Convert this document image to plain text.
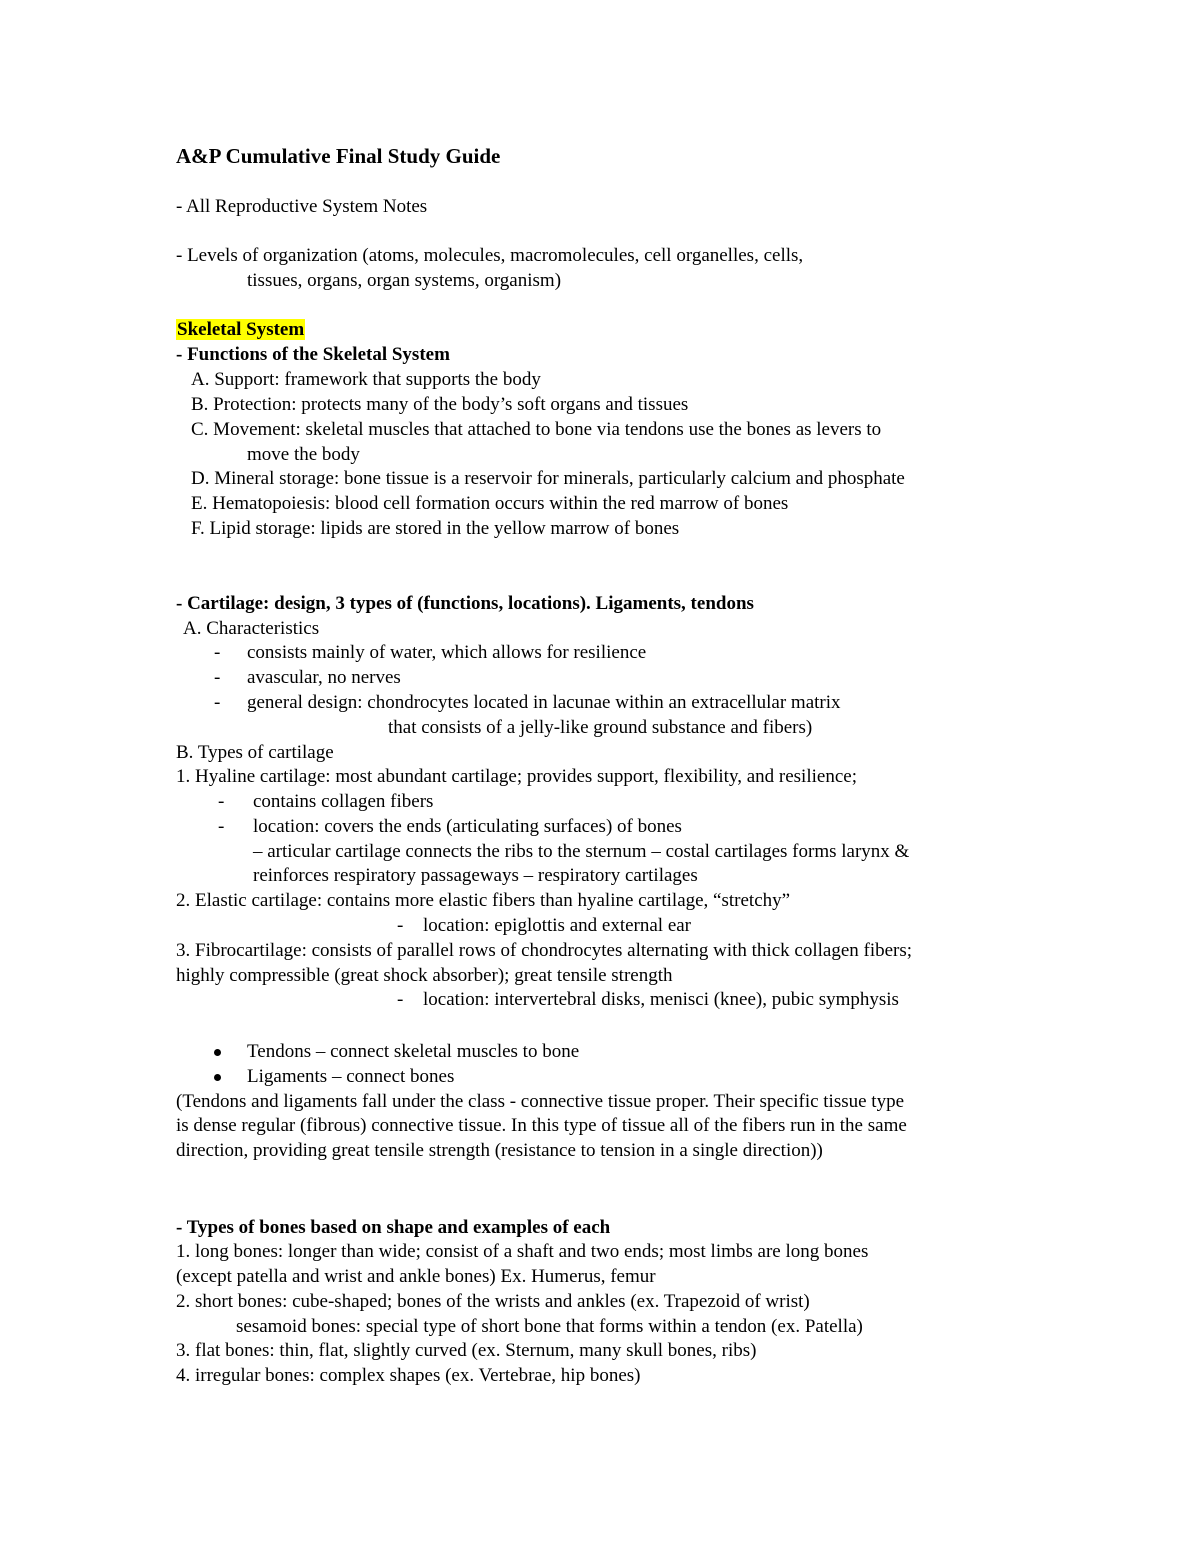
A&P Cumulative Final Study Guide
- All Reproductive System Notes
- Levels of organization (atoms, molecules, macromolecules, cell organelles, cells,
tissues, organs, organ systems, organism)
Skeletal System
- Functions of the Skeletal System
A. Support: framework that supports the body
B. Protection: protects many of the body’s soft organs and tissues
C. Movement: skeletal muscles that attached to bone via tendons use the bones as levers to
move the body
D. Mineral storage: bone tissue is a reservoir for minerals, particularly calcium and phosphate
E. Hematopoiesis: blood cell formation occurs within the red marrow of bones
F. Lipid storage: lipids are stored in the yellow marrow of bones
- Cartilage: design, 3 types of (functions, locations). Ligaments, tendons
A. Characteristics
- consists mainly of water, which allows for resilience
- avascular, no nerves
- general design: chondrocytes located in lacunae within an extracellular matrix
that consists of a jelly-like ground substance and fibers)
B. Types of cartilage
1. Hyaline cartilage: most abundant cartilage; provides support, flexibility, and resilience;
- contains collagen fibers
- location: covers the ends (articulating surfaces) of bones
– articular cartilage connects the ribs to the sternum – costal cartilages forms larynx &
reinforces respiratory passageways – respiratory cartilages
2. Elastic cartilage: contains more elastic fibers than hyaline cartilage, “stretchy”
- location: epiglottis and external ear
3. Fibrocartilage: consists of parallel rows of chondrocytes alternating with thick collagen fibers;
highly compressible (great shock absorber); great tensile strength
- location: intervertebral disks, menisci (knee), pubic symphysis
Tendons – connect skeletal muscles to bone
Ligaments – connect bones
(Tendons and ligaments fall under the class - connective tissue proper. Their specific tissue type
is dense regular (fibrous) connective tissue. In this type of tissue all of the fibers run in the same
direction, providing great tensile strength (resistance to tension in a single direction))
- Types of bones based on shape and examples of each
1. long bones: longer than wide; consist of a shaft and two ends; most limbs are long bones
(except patella and wrist and ankle bones) Ex. Humerus, femur
2. short bones: cube-shaped; bones of the wrists and ankles (ex. Trapezoid of wrist)
sesamoid bones: special type of short bone that forms within a tendon (ex. Patella)
3. flat bones: thin, flat, slightly curved (ex. Sternum, many skull bones, ribs)
4. irregular bones: complex shapes (ex. Vertebrae, hip bones)
